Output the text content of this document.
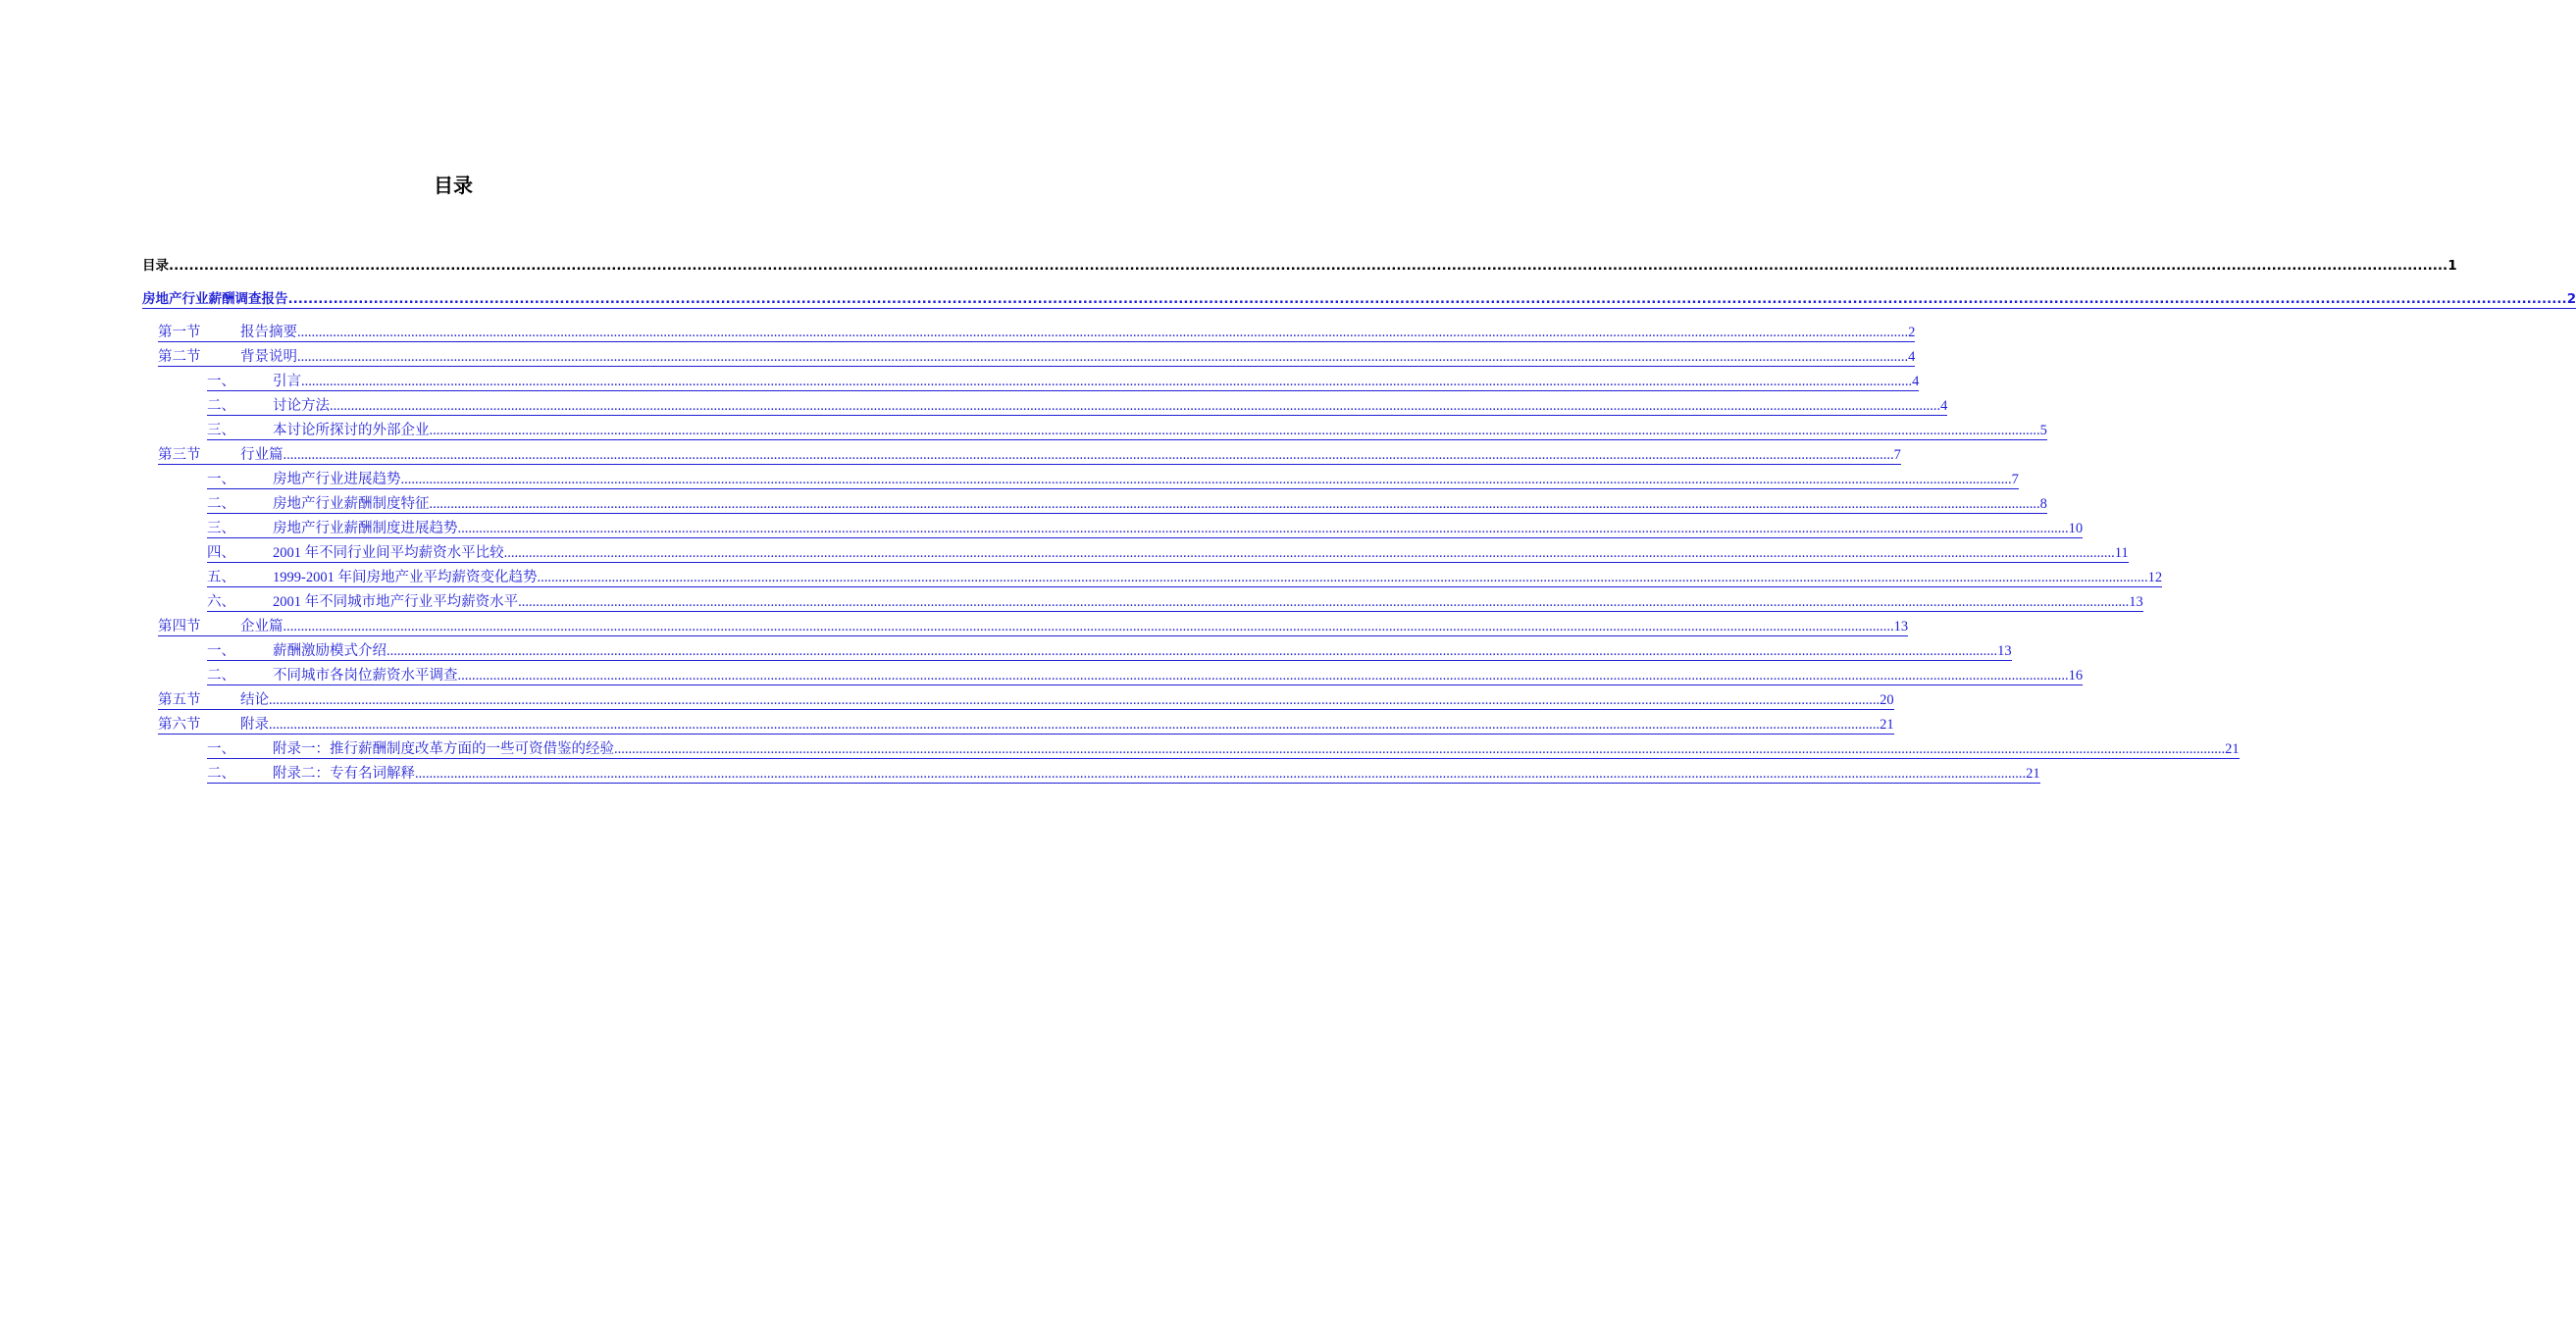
目录
目录 ..................................................................................................................................................................................................................................................................................................................................................................................................................................................................... 1
房地产行业薪酬调查报告 ..................................................................................................................................................................................................................................................................................................................................................................................................................................................................... 2
第一节	报告摘要 ..................................................................................................................................................................................................................................................................................................................................................................................................................................................................... 2
第二节	背景说明 ..................................................................................................................................................................................................................................................................................................................................................................................................................................................................... 4
一、	引言 ..................................................................................................................................................................................................................................................................................................................................................................................................................................................................... 4
二、	讨论方法 ..................................................................................................................................................................................................................................................................................................................................................................................................................................................................... 4
三、	本讨论所探讨的外部企业 ..................................................................................................................................................................................................................................................................................................................................................................................................................................................................... 5
第三节	行业篇 ..................................................................................................................................................................................................................................................................................................................................................................................................................................................................... 7
一、	房地产行业进展趋势 ..................................................................................................................................................................................................................................................................................................................................................................................................................................................................... 7
二、	房地产行业薪酬制度特征 ..................................................................................................................................................................................................................................................................................................................................................................................................................................................................... 8
三、	房地产行业薪酬制度进展趋势 ..................................................................................................................................................................................................................................................................................................................................................................................................................................................................... 10
四、	2001 年不同行业间平均薪资水平比较 ..................................................................................................................................................................................................................................................................................................................................................................................................................................................................... 11
五、	1999-2001 年间房地产业平均薪资变化趋势 ..................................................................................................................................................................................................................................................................................................................................................................................................................................................................... 12
六、	2001 年不同城市地产行业平均薪资水平 ..................................................................................................................................................................................................................................................................................................................................................................................................................................................................... 13
第四节	企业篇 ..................................................................................................................................................................................................................................................................................................................................................................................................................................................................... 13
一、	薪酬激励模式介绍 ..................................................................................................................................................................................................................................................................................................................................................................................................................................................................... 13
二、	不同城市各岗位薪资水平调查 ..................................................................................................................................................................................................................................................................................................................................................................................................................................................................... 16
第五节	结论 ..................................................................................................................................................................................................................................................................................................................................................................................................................................................................... 20
第六节	附录 ..................................................................................................................................................................................................................................................................................................................................................................................................................................................................... 21
一、	附录一：推行薪酬制度改革方面的一些可资借鉴的经验 ..................................................................................................................................................................................................................................................................................................................................................................................................................................................................... 21
二、	附录二：专有名词解释 ..................................................................................................................................................................................................................................................................................................................................................................................................................................................................... 21
